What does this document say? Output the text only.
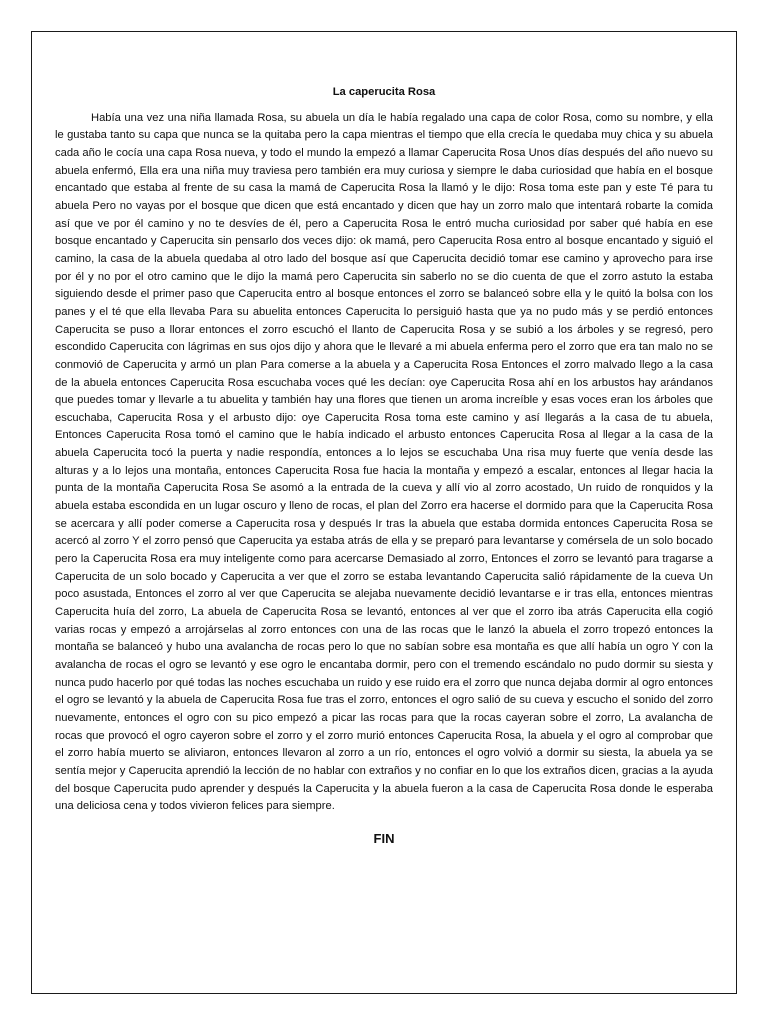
La caperucita Rosa

Había una vez una niña llamada Rosa, su abuela un día le había regalado una capa de color Rosa, como su nombre, y ella le gustaba tanto su capa que nunca se la quitaba pero la capa mientras el tiempo que ella crecía le quedaba muy chica y su abuela cada año le cocía una capa Rosa nueva, y todo el mundo la empezó a llamar Caperucita Rosa Unos días después del año nuevo su abuela enfermó, Ella era una niña muy traviesa pero también era muy curiosa y siempre le daba curiosidad que había en el bosque encantado que estaba al frente de su casa la mamá de Caperucita Rosa la llamó y le dijo: Rosa toma este pan y este Té para tu abuela Pero no vayas por el bosque que dicen que está encantado y dicen que hay un zorro malo que intentará robarte la comida así que ve por él camino y no te desvíes de él, pero a Caperucita Rosa le entró mucha curiosidad por saber qué había en ese bosque encantado y Caperucita sin pensarlo dos veces dijo: ok mamá, pero Caperucita Rosa entro al bosque encantado y siguió el camino, la casa de la abuela quedaba al otro lado del bosque así que Caperucita decidió tomar ese camino y aprovecho para irse por él y no por el otro camino que le dijo la mamá pero Caperucita sin saberlo no se dio cuenta de que el zorro astuto la estaba siguiendo desde el primer paso que Caperucita entro al bosque entonces el zorro se balanceó sobre ella y le quitó la bolsa con los panes y el té que ella llevaba Para su abuelita entonces Caperucita lo persiguió hasta que ya no pudo más y se perdió entonces Caperucita se puso a llorar entonces el zorro escuchó el llanto de Caperucita Rosa y se subió a los árboles y se regresó, pero escondido Caperucita con lágrimas en sus ojos dijo y ahora que le llevaré a mi abuela enferma pero el zorro que era tan malo no se conmovió de Caperucita y armó un plan Para comerse a la abuela y a Caperucita Rosa Entonces el zorro malvado llego a la casa de la abuela entonces Caperucita Rosa escuchaba voces qué les decían: oye Caperucita Rosa ahí en los arbustos hay arándanos que puedes tomar y llevarle a tu abuelita y también hay una flores que tienen un aroma increíble y esas voces eran los árboles que escuchaba, Caperucita Rosa y el arbusto dijo: oye Caperucita Rosa toma este camino y así llegarás a la casa de tu abuela, Entonces Caperucita Rosa tomó el camino que le había indicado el arbusto entonces Caperucita Rosa al llegar a la casa de la abuela Caperucita tocó la puerta y nadie respondía, entonces a lo lejos se escuchaba Una risa muy fuerte que venía desde las alturas y a lo lejos una montaña, entonces Caperucita Rosa fue hacia la montaña y empezó a escalar, entonces al llegar hacia la punta de la montaña Caperucita Rosa Se asomó a la entrada de la cueva y allí vio al zorro acostado, Un ruido de ronquidos y la abuela estaba escondida en un lugar oscuro y lleno de rocas, el plan del Zorro era hacerse el dormido para que la Caperucita Rosa se acercara y allí poder comerse a Caperucita rosa y después Ir tras la abuela que estaba dormida entonces Caperucita Rosa se acercó al zorro Y el zorro pensó que Caperucita ya estaba atrás de ella y se preparó para levantarse y comérsela de un solo bocado pero la Caperucita Rosa era muy inteligente como para acercarse Demasiado al zorro, Entonces el zorro se levantó para tragarse a Caperucita de un solo bocado y Caperucita a ver que el zorro se estaba levantando Caperucita salió rápidamente de la cueva Un poco asustada, Entonces el zorro al ver que Caperucita se alejaba nuevamente decidió levantarse e ir tras ella, entonces mientras Caperucita huía del zorro, La abuela de Caperucita Rosa se levantó, entonces al ver que el zorro iba atrás Caperucita ella cogió varias rocas y empezó a arrojárselas al zorro entonces con una de las rocas que le lanzó la abuela el zorro tropezó entonces la montaña se balanceó y hubo una avalancha de rocas pero lo que no sabían sobre esa montaña es que allí había un ogro Y con la avalancha de rocas el ogro se levantó y ese ogro le encantaba dormir, pero con el tremendo escándalo no pudo dormir su siesta y nunca pudo hacerlo por qué todas las noches escuchaba un ruido y ese ruido era el zorro que nunca dejaba dormir al ogro entonces el ogro se levantó y la abuela de Caperucita Rosa fue tras el zorro, entonces el ogro salió de su cueva y escucho el sonido del zorro nuevamente, entonces el ogro con su pico empezó a picar las rocas para que la rocas cayeran sobre el zorro, La avalancha de rocas que provocó el ogro cayeron sobre el zorro y el zorro murió entonces Caperucita Rosa, la abuela y el ogro al comprobar que el zorro había muerto se aliviaron, entonces llevaron al zorro a un río, entonces el ogro volvió a dormir su siesta, la abuela ya se sentía mejor y Caperucita aprendió la lección de no hablar con extraños y no confiar en lo que los extraños dicen, gracias a la ayuda del bosque Caperucita pudo aprender y después la Caperucita y la abuela fueron a la casa de Caperucita Rosa donde le esperaba una deliciosa cena y todos vivieron felices para siempre.

FIN
